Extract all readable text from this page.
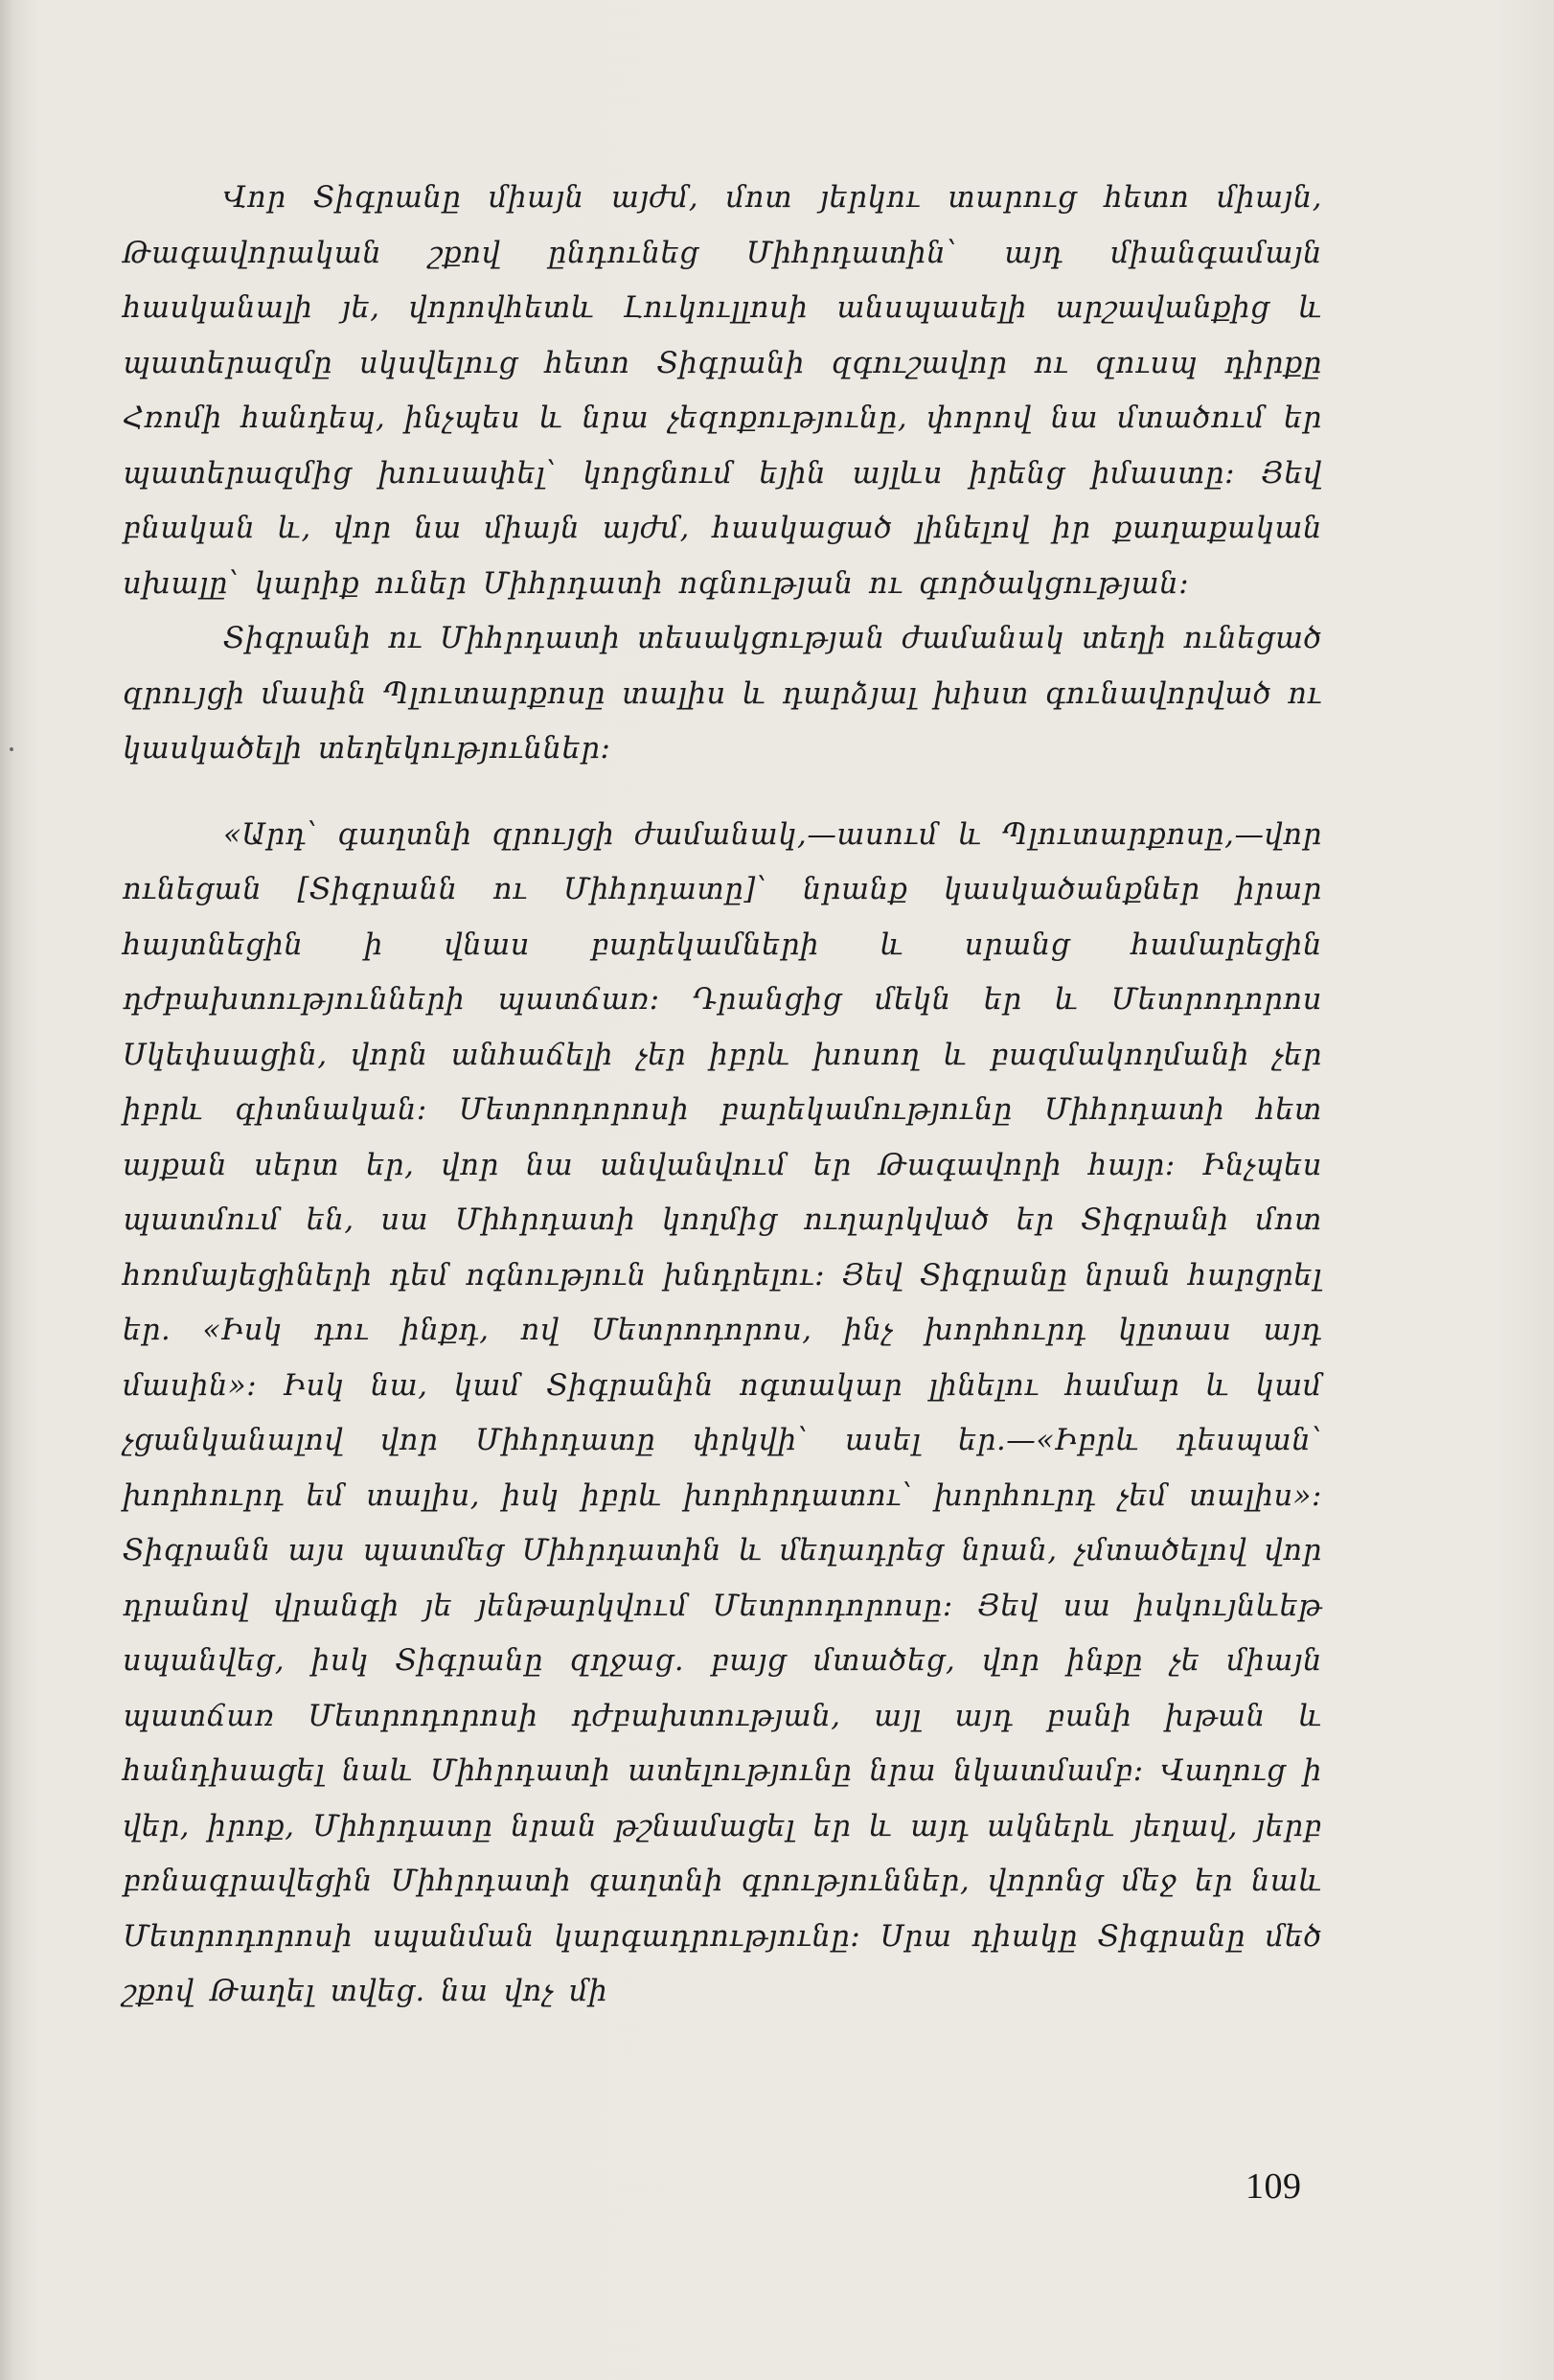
Վոր Տիգրանը միայն այժմ, մոտ յերկու տարուց հետո միայն, Թագավորական շքով ընդունեց Միհրդատին՝ այդ միանգամայն հասկանալի յե, վորովհետև Լուկուլլոսի անսպասելի արշավանքից և պատերազմը սկսվելուց հետո Տիգրանի զգուշավոր ու զուսպ դիրքը Հռոմի հանդեպ, ինչպես և նրա չեզոքությունը, փորով նա մտածում եր պատերազմից խուսափել՝ կորցնում եյին այլևս իրենց իմաստը։ Յեվ բնական և, վոր նա միայն այժմ, հասկացած լինելով իր քաղաքական սխալը՝ կարիք ուներ Միհրդատի ոգնության ու գործակցության։

Տիգրանի ու Միհրդատի տեսակցության ժամանակ տեղի ունեցած զրույցի մասին Պլուտարքոսը տալիս և դարձյալ խիստ գունավորված ու կասկածելի տեղեկություններ։

«Արդ՝ գաղտնի զրույցի ժամանակ,—ասում և Պլուտարքոսը,—վոր ունեցան [Տիգրանն ու Միհրդատը]՝ նրանք կասկածանքներ իրար հայտնեցին ի վնաս բարեկամների և սրանց համարեցին դժբախտությունների պատճառ։ Դրանցից մեկն եր և Մետրոդորոս Սկեփսացին, վորն անհաճելի չեր իբրև խոսող և բազմակողմանի չեր իբրև գիտնական։ Մետրոդորոսի բարեկամությունը Միհրդատի հետ այքան սերտ եր, վոր նա անվանվում եր Թագավորի հայր։ Ինչպես պատմում են, սա Միհրդատի կողմից ուղարկված եր Տիգրանի մոտ հռոմայեցիների դեմ ոգնություն խնդրելու։ Յեվ Տիգրանը նրան հարցրել եր. «Իսկ դու ինքդ, ով Մետրոդորոս, ինչ խորհուրդ կըտաս այդ մասին»։ Իսկ նա, կամ Տիգրանին ոգտակար լինելու համար և կամ չցանկանալով վոր Միհրդատը փրկվի՝ ասել եր.—«Իբրև դեսպան՝ խորհուրդ եմ տալիս, իսկ իբրև խորհրդատու՝ խորհուրդ չեմ տալիս»։ Տիգրանն այս պատմեց Միհրդատին և մեղադրեց նրան, չմտածելով վոր դրանով վրանգի յե յենթարկվում Մետրոդորոսը։ Յեվ սա իսկույնևեթ սպանվեց, իսկ Տիգրանը զղջաց. բայց մտածեց, վոր ինքը չե միայն պատճառ Մետրոդորոսի դժբախտության, այլ այդ բանի խթան և հանդիսացել նաև Միհրդատի ատելությունը նրա նկատմամբ։ Վաղուց ի վեր, իրոք, Միհրդատը նրան թշնամացել եր և այդ ակներև յեղավ, յերբ բռնագրավեցին Միհրդատի գաղտնի գրություններ, վորոնց մեջ եր նաև Մետրոդորոսի սպանման կարգադրությունը։ Սրա դիակը Տիգրանը մեծ շքով Թաղել տվեց. նա վոչ մի

109
